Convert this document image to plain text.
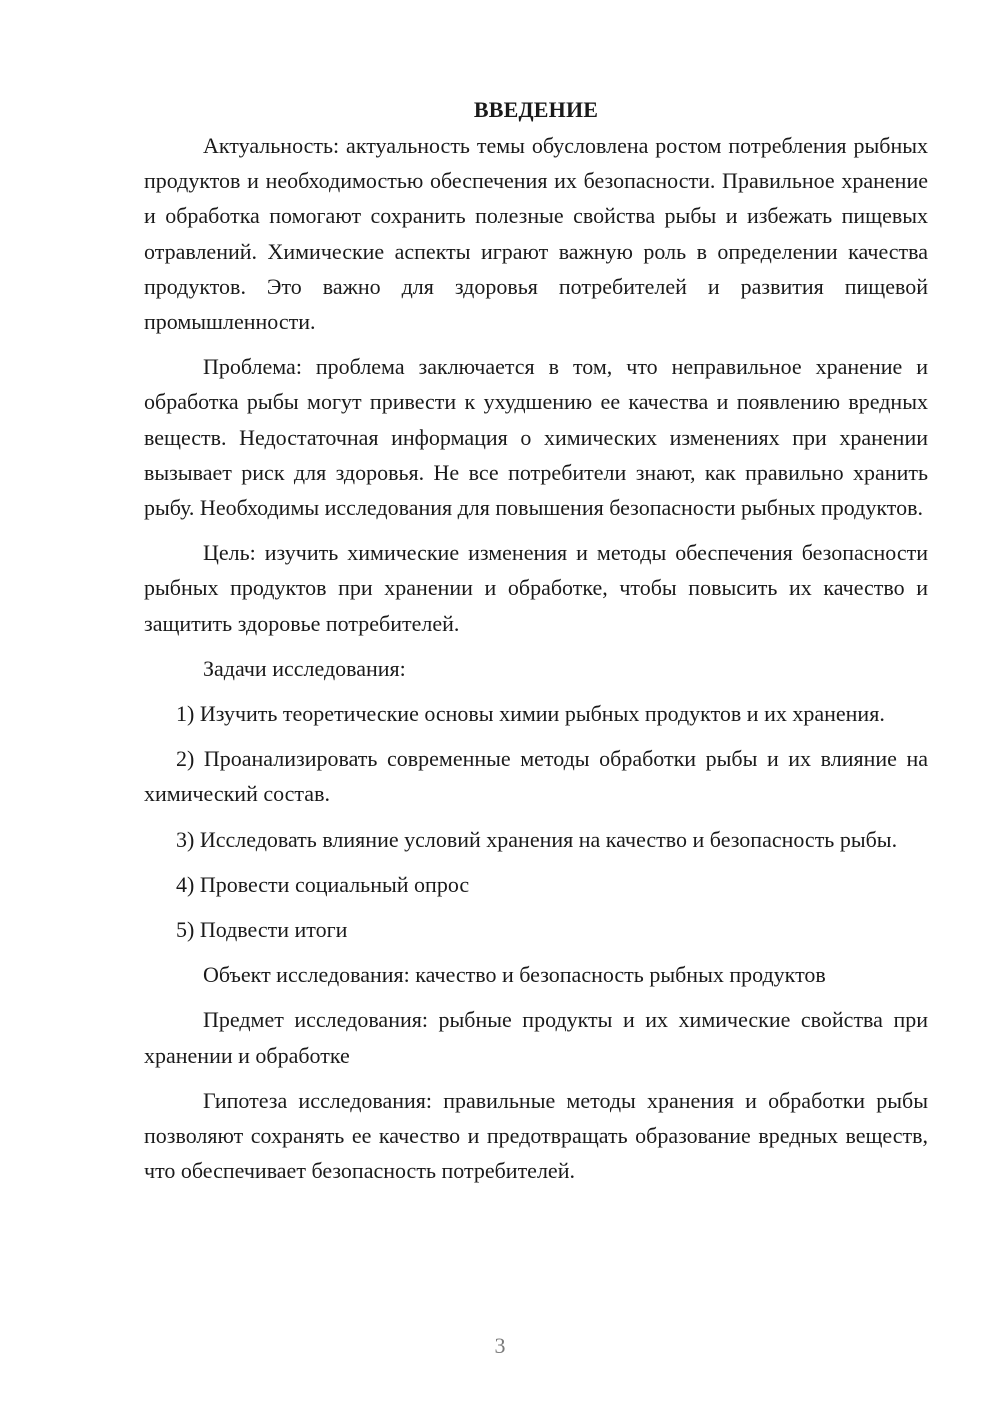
ВВЕДЕНИЕ

Актуальность: актуальность темы обусловлена ростом потребления рыбных продуктов и необходимостью обеспечения их безопасности. Правильное хранение и обработка помогают сохранить полезные свойства рыбы и избежать пищевых отравлений. Химические аспекты играют важную роль в определении качества продуктов. Это важно для здоровья потребителей и развития пищевой промышленности.

Проблема: проблема заключается в том, что неправильное хранение и обработка рыбы могут привести к ухудшению ее качества и появлению вредных веществ. Недостаточная информация о химических изменениях при хранении вызывает риск для здоровья. Не все потребители знают, как правильно хранить рыбу. Необходимы исследования для повышения безопасности рыбных продуктов.

Цель: изучить химические изменения и методы обеспечения безопасности рыбных продуктов при хранении и обработке, чтобы повысить их качество и защитить здоровье потребителей.

Задачи исследования:

1) Изучить теоретические основы химии рыбных продуктов и их хранения.

2) Проанализировать современные методы обработки рыбы и их влияние на химический состав.

3) Исследовать влияние условий хранения на качество и безопасность рыбы.

4) Провести социальный опрос

5) Подвести итоги

Объект исследования: качество и безопасность рыбных продуктов

Предмет исследования: рыбные продукты и их химические свойства при хранении и обработке

Гипотеза исследования: правильные методы хранения и обработки рыбы позволяют сохранять ее качество и предотвращать образование вредных веществ, что обеспечивает безопасность потребителей.

3
